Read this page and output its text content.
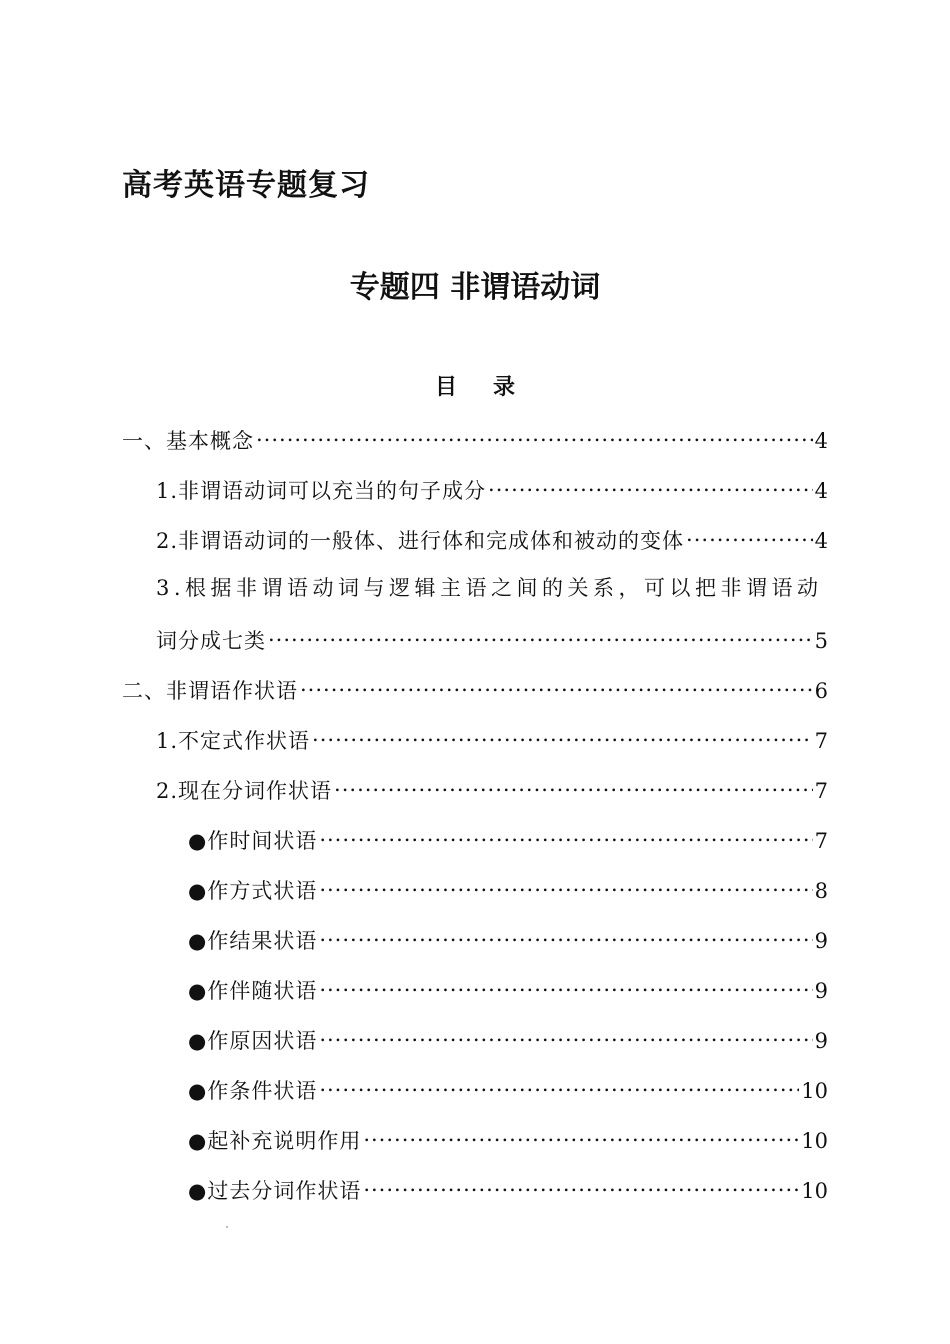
高考英语专题复习
专题四 非谓语动词
目录
一、基本概念 .....	4
1.非谓语动词可以充当的句子成分 .....	4
2.非谓语动词的一般体、进行体和完成体和被动的变体 .....	4
3.根据非谓语动词与逻辑主语之间的关系，可以把非谓语动
词分成七类 .....	5
二、非谓语作状语 .....	6
1.不定式作状语 .....	7
2.现在分词作状语 .....	7
●作时间状语 .....	7
●作方式状语 .....	8
●作结果状语 .....	9
●作伴随状语 .....	9
●作原因状语 .....	9
●作条件状语 .....	10
●起补充说明作用 .....	10
●过去分词作状语 .....	10
